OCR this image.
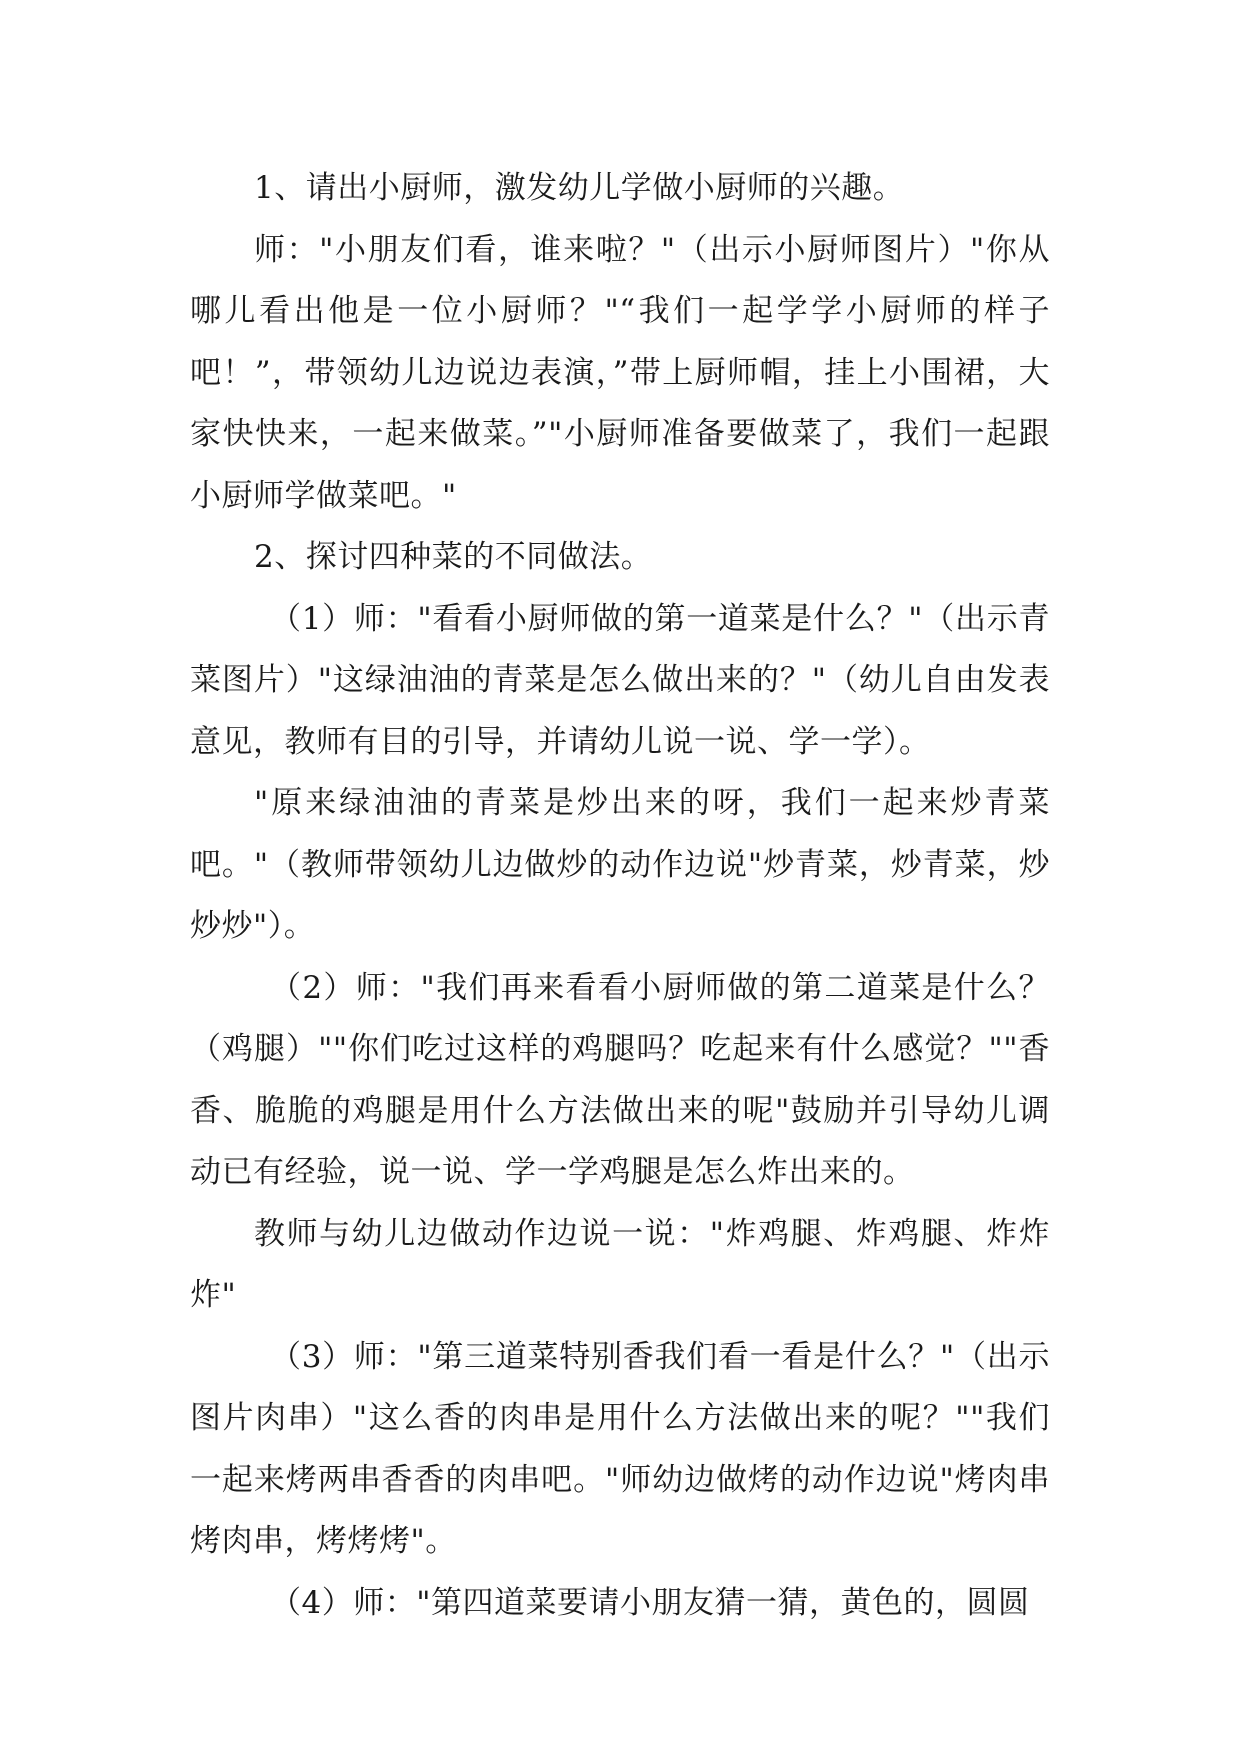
1、请出小厨师，激发幼儿学做小厨师的兴趣。

师："小朋友们看，谁来啦？"（出示小厨师图片）"你从哪儿看出他是一位小厨师？"“我们一起学学小厨师的样子吧！”，带领幼儿边说边表演，”带上厨师帽，挂上小围裙，大家快快来，一起来做菜。”"小厨师准备要做菜了，我们一起跟小厨师学做菜吧。"

2、探讨四种菜的不同做法。

（1）师："看看小厨师做的第一道菜是什么？"（出示青菜图片）"这绿油油的青菜是怎么做出来的？"（幼儿自由发表意见，教师有目的引导，并请幼儿说一说、学一学）。

"原来绿油油的青菜是炒出来的呀，我们一起来炒青菜吧。"（教师带领幼儿边做炒的动作边说"炒青菜，炒青菜，炒炒炒"）。

（2）师："我们再来看看小厨师做的第二道菜是什么？（鸡腿）""你们吃过这样的鸡腿吗？吃起来有什么感觉？""香香、脆脆的鸡腿是用什么方法做出来的呢"鼓励并引导幼儿调动已有经验，说一说、学一学鸡腿是怎么炸出来的。

教师与幼儿边做动作边说一说："炸鸡腿、炸鸡腿、炸炸炸"

（3）师："第三道菜特别香我们看一看是什么？"（出示图片肉串）"这么香的肉串是用什么方法做出来的呢？""我们一起来烤两串香香的肉串吧。"师幼边做烤的动作边说"烤肉串烤肉串，烤烤烤"。

（4）师："第四道菜要请小朋友猜一猜，黄色的，圆圆
